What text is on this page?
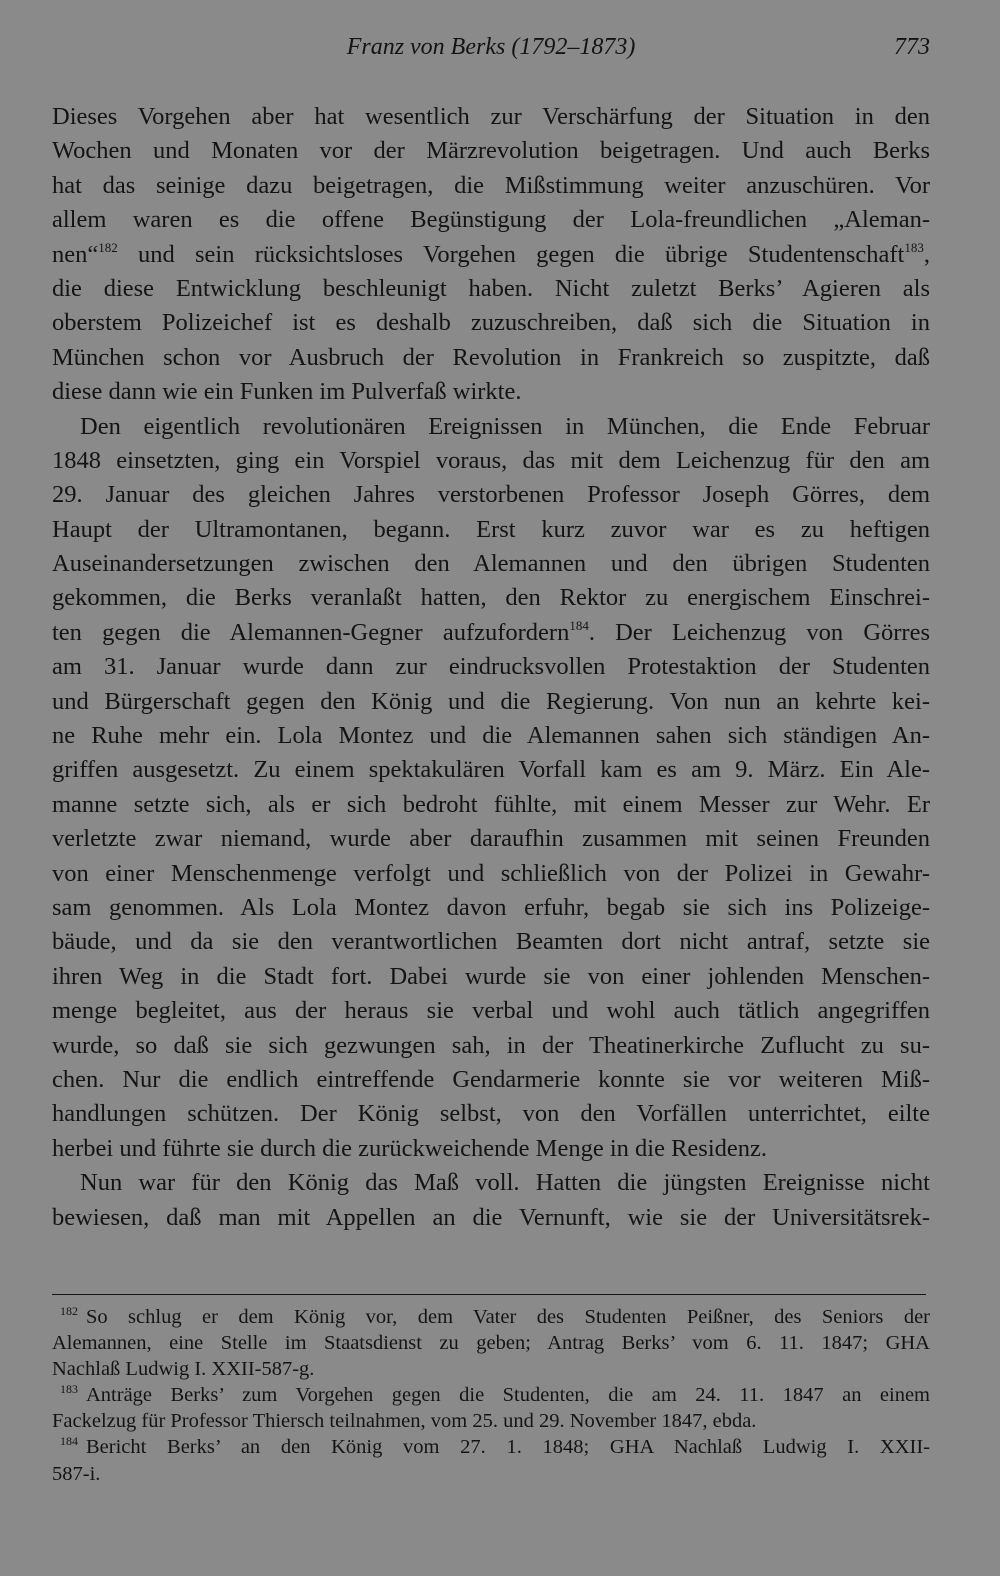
Franz von Berks (1792–1873)	773
Dieses Vorgehen aber hat wesentlich zur Verschärfung der Situation in den
Wochen und Monaten vor der Märzrevolution beigetragen. Und auch Berks
hat das seinige dazu beigetragen, die Mißstimmung weiter anzuschüren. Vor
allem waren es die offene Begünstigung der Lola-freundlichen „Aleman-
nen“$^{182}$ und sein rücksichtsloses Vorgehen gegen die übrige Studentenschaft$^{183}$,
die diese Entwicklung beschleunigt haben. Nicht zuletzt Berks’ Agieren als
oberstem Polizeichef ist es deshalb zuzuschreiben, daß sich die Situation in
München schon vor Ausbruch der Revolution in Frankreich so zuspitzte, daß
diese dann wie ein Funken im Pulverfaß wirkte.
Den eigentlich revolutionären Ereignissen in München, die Ende Februar
1848 einsetzten, ging ein Vorspiel voraus, das mit dem Leichenzug für den am
29. Januar des gleichen Jahres verstorbenen Professor Joseph Görres, dem
Haupt der Ultramontanen, begann. Erst kurz zuvor war es zu heftigen
Auseinandersetzungen zwischen den Alemannen und den übrigen Studenten
gekommen, die Berks veranlaßt hatten, den Rektor zu energischem Einschrei-
ten gegen die Alemannen-Gegner aufzufordern$^{184}$. Der Leichenzug von Görres
am 31. Januar wurde dann zur eindrucksvollen Protestaktion der Studenten
und Bürgerschaft gegen den König und die Regierung. Von nun an kehrte kei-
ne Ruhe mehr ein. Lola Montez und die Alemannen sahen sich ständigen An-
griffen ausgesetzt. Zu einem spektakulären Vorfall kam es am 9. März. Ein Ale-
manne setzte sich, als er sich bedroht fühlte, mit einem Messer zur Wehr. Er
verletzte zwar niemand, wurde aber daraufhin zusammen mit seinen Freunden
von einer Menschenmenge verfolgt und schließlich von der Polizei in Gewahr-
sam genommen. Als Lola Montez davon erfuhr, begab sie sich ins Polizeige-
bäude, und da sie den verantwortlichen Beamten dort nicht antraf, setzte sie
ihren Weg in die Stadt fort. Dabei wurde sie von einer johlenden Menschen-
menge begleitet, aus der heraus sie verbal und wohl auch tätlich angegriffen
wurde, so daß sie sich gezwungen sah, in der Theatinerkirche Zuflucht zu su-
chen. Nur die endlich eintreffende Gendarmerie konnte sie vor weiteren Miß-
handlungen schützen. Der König selbst, von den Vorfällen unterrichtet, eilte
herbei und führte sie durch die zurückweichende Menge in die Residenz.
Nun war für den König das Maß voll. Hatten die jüngsten Ereignisse nicht
bewiesen, daß man mit Appellen an die Vernunft, wie sie der Universitätsrek-
$^{182}$ So schlug er dem König vor, dem Vater des Studenten Peißner, des Seniors der
Alemannen, eine Stelle im Staatsdienst zu geben; Antrag Berks’ vom 6. 11. 1847; GHA
Nachlaß Ludwig I. XXII-587-g.
$^{183}$ Anträge Berks’ zum Vorgehen gegen die Studenten, die am 24. 11. 1847 an einem
Fackelzug für Professor Thiersch teilnahmen, vom 25. und 29. November 1847, ebda.
$^{184}$ Bericht Berks’ an den König vom 27. 1. 1848; GHA Nachlaß Ludwig I. XXII-
587-i.
